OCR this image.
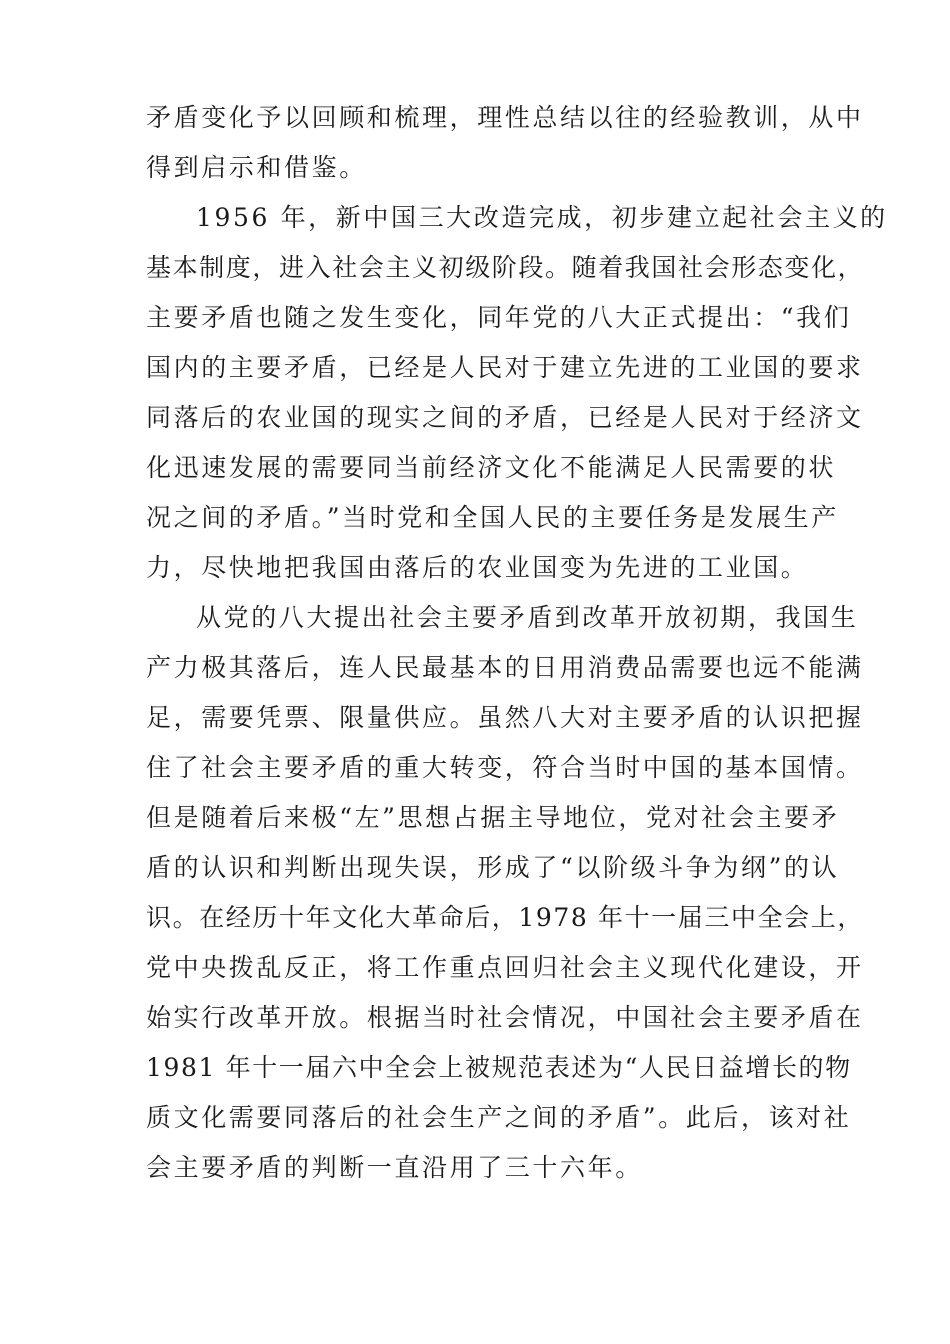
矛盾变化予以回顾和梳理，理性总结以往的经验教训，从中
得到启示和借鉴。
1956 年，新中国三大改造完成，初步建立起社会主义的
基本制度，进入社会主义初级阶段。随着我国社会形态变化，
主要矛盾也随之发生变化，同年党的八大正式提出：“我们
国内的主要矛盾，已经是人民对于建立先进的工业国的要求
同落后的农业国的现实之间的矛盾，已经是人民对于经济文
化迅速发展的需要同当前经济文化不能满足人民需要的状
况之间的矛盾。”当时党和全国人民的主要任务是发展生产
力，尽快地把我国由落后的农业国变为先进的工业国。
从党的八大提出社会主要矛盾到改革开放初期，我国生
产力极其落后，连人民最基本的日用消费品需要也远不能满
足，需要凭票、限量供应。虽然八大对主要矛盾的认识把握
住了社会主要矛盾的重大转变，符合当时中国的基本国情。
但是随着后来极“左”思想占据主导地位，党对社会主要矛
盾的认识和判断出现失误，形成了“以阶级斗争为纲”的认
识。在经历十年文化大革命后，1978 年十一届三中全会上，
党中央拨乱反正，将工作重点回归社会主义现代化建设，开
始实行改革开放。根据当时社会情况，中国社会主要矛盾在
1981 年十一届六中全会上被规范表述为“人民日益增长的物
质文化需要同落后的社会生产之间的矛盾”。此后，该对社
会主要矛盾的判断一直沿用了三十六年。
